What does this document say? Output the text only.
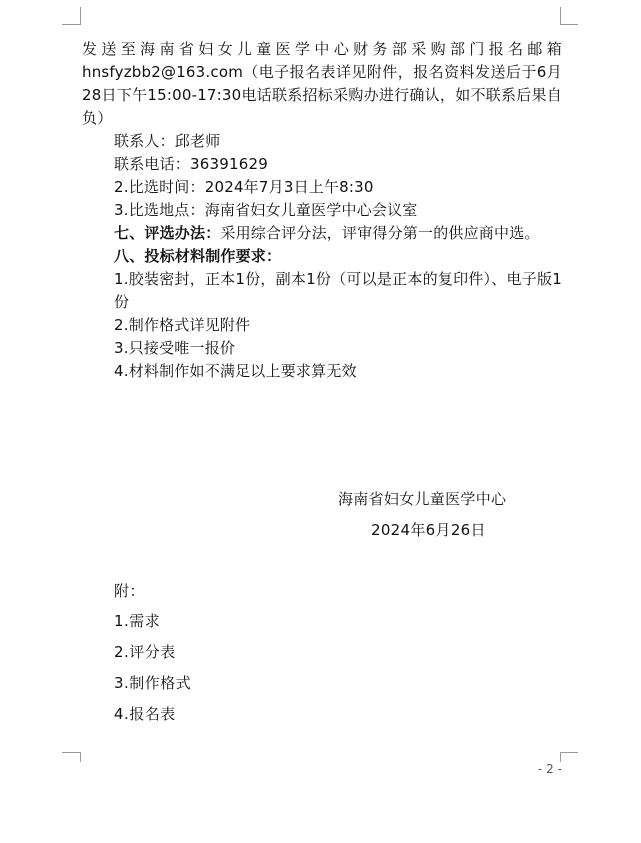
发送至海南省妇女儿童医学中心财务部采购部门报名邮箱hnsfyzbb2@163.com（电子报名表详见附件，报名资料发送后于6月28日下午15:00-17:30电话联系招标采购办进行确认，如不联系后果自负）

联系人：邱老师

联系电话：36391629

2.比选时间：2024年7月3日上午8:30

3.比选地点：海南省妇女儿童医学中心会议室

七、评选办法：采用综合评分法，评审得分第一的供应商中选。

八、投标材料制作要求：

1.胶装密封，正本1份，副本1份（可以是正本的复印件）、电子版1份

2.制作格式详见附件

3.只接受唯一报价

4.材料制作如不满足以上要求算无效

海南省妇女儿童医学中心
2024年6月26日
附：
1.需求
2.评分表
3.制作格式
4.报名表
- 2 -
